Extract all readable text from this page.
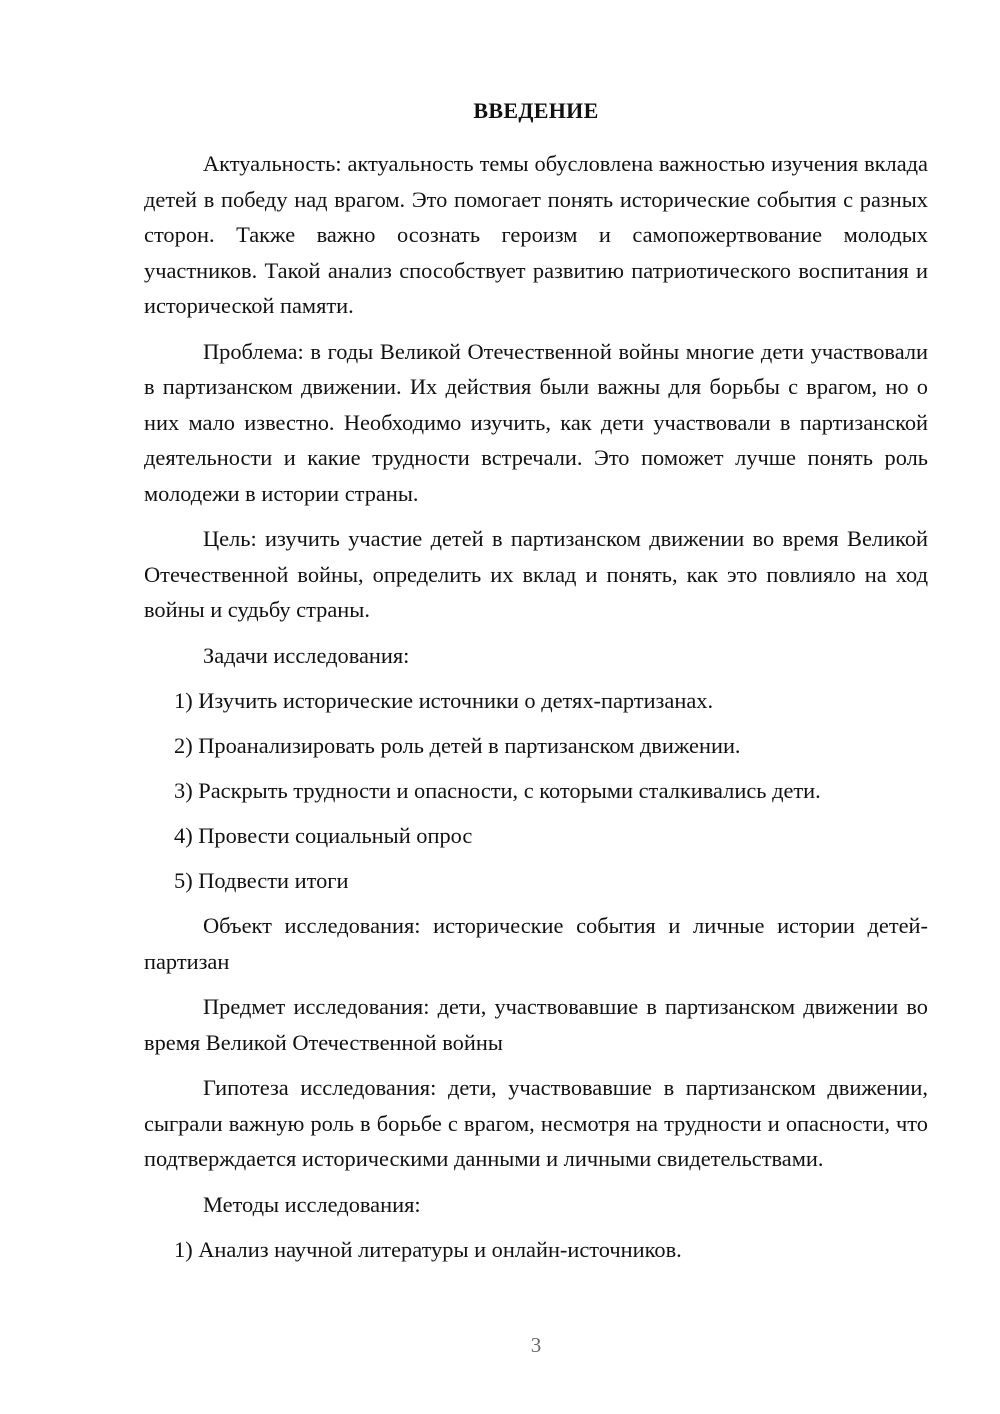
ВВЕДЕНИЕ

Актуальность: актуальность темы обусловлена важностью изучения вклада детей в победу над врагом. Это помогает понять исторические события с разных сторон. Также важно осознать героизм и самопожертвование молодых участников. Такой анализ способствует развитию патриотического воспитания и исторической памяти.

Проблема: в годы Великой Отечественной войны многие дети участвовали в партизанском движении. Их действия были важны для борьбы с врагом, но о них мало известно. Необходимо изучить, как дети участвовали в партизанской деятельности и какие трудности встречали. Это поможет лучше понять роль молодежи в истории страны.

Цель: изучить участие детей в партизанском движении во время Великой Отечественной войны, определить их вклад и понять, как это повлияло на ход войны и судьбу страны.

Задачи исследования:

1) Изучить исторические источники о детях-партизанах.
2) Проанализировать роль детей в партизанском движении.
3) Раскрыть трудности и опасности, с которыми сталкивались дети.
4) Провести социальный опрос
5) Подвести итоги

Объект исследования: исторические события и личные истории детей-партизан

Предмет исследования: дети, участвовавшие в партизанском движении во время Великой Отечественной войны

Гипотеза исследования: дети, участвовавшие в партизанском движении, сыграли важную роль в борьбе с врагом, несмотря на трудности и опасности, что подтверждается историческими данными и личными свидетельствами.

Методы исследования:

1) Анализ научной литературы и онлайн-источников.
3
